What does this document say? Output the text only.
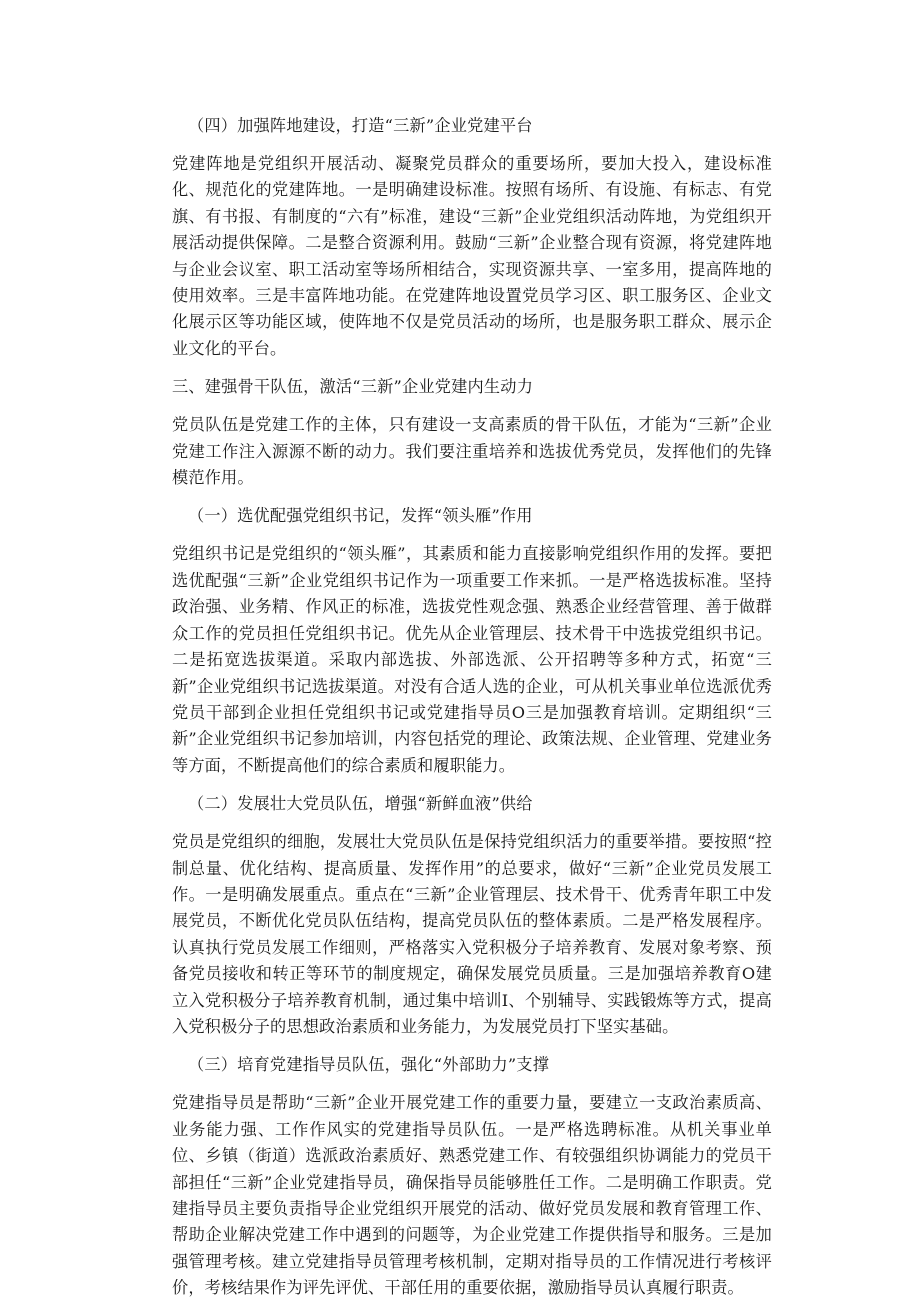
（四）加强阵地建设，打造“三新”企业党建平台

党建阵地是党组织开展活动、凝聚党员群众的重要场所，要加大投入，建设标准化、规范化的党建阵地。一是明确建设标准。按照有场所、有设施、有标志、有党旗、有书报、有制度的“六有”标准，建设“三新”企业党组织活动阵地，为党组织开展活动提供保障。二是整合资源利用。鼓励“三新”企业整合现有资源，将党建阵地与企业会议室、职工活动室等场所相结合，实现资源共享、一室多用，提高阵地的使用效率。三是丰富阵地功能。在党建阵地设置党员学习区、职工服务区、企业文化展示区等功能区域，使阵地不仅是党员活动的场所，也是服务职工群众、展示企业文化的平台。

三、建强骨干队伍，激活“三新”企业党建内生动力

党员队伍是党建工作的主体，只有建设一支高素质的骨干队伍，才能为“三新”企业党建工作注入源源不断的动力。我们要注重培养和选拔优秀党员，发挥他们的先锋模范作用。

（一）选优配强党组织书记，发挥“领头雁”作用

党组织书记是党组织的“领头雁”，其素质和能力直接影响党组织作用的发挥。要把选优配强“三新”企业党组织书记作为一项重要工作来抓。一是严格选拔标准。坚持政治强、业务精、作风正的标准，选拔党性观念强、熟悉企业经营管理、善于做群众工作的党员担任党组织书记。优先从企业管理层、技术骨干中选拔党组织书记。二是拓宽选拔渠道。采取内部选拔、外部选派、公开招聘等多种方式，拓宽“三新”企业党组织书记选拔渠道。对没有合适人选的企业，可从机关事业单位选派优秀党员干部到企业担任党组织书记或党建指导员O三是加强教育培训。定期组织“三新”企业党组织书记参加培训，内容包括党的理论、政策法规、企业管理、党建业务等方面，不断提高他们的综合素质和履职能力。

（二）发展壮大党员队伍，增强“新鲜血液”供给

党员是党组织的细胞，发展壮大党员队伍是保持党组织活力的重要举措。要按照“控制总量、优化结构、提高质量、发挥作用”的总要求，做好“三新”企业党员发展工作。一是明确发展重点。重点在“三新”企业管理层、技术骨干、优秀青年职工中发展党员，不断优化党员队伍结构，提高党员队伍的整体素质。二是严格发展程序。认真执行党员发展工作细则，严格落实入党积极分子培养教育、发展对象考察、预备党员接收和转正等环节的制度规定，确保发展党员质量。三是加强培养教育O建立入党积极分子培养教育机制，通过集中培训I、个别辅导、实践锻炼等方式，提高入党积极分子的思想政治素质和业务能力，为发展党员打下坚实基础。

（三）培育党建指导员队伍，强化“外部助力”支撑

党建指导员是帮助“三新”企业开展党建工作的重要力量，要建立一支政治素质高、业务能力强、工作作风实的党建指导员队伍。一是严格选聘标准。从机关事业单位、乡镇（街道）选派政治素质好、熟悉党建工作、有较强组织协调能力的党员干部担任“三新”企业党建指导员，确保指导员能够胜任工作。二是明确工作职责。党建指导员主要负责指导企业党组织开展党的活动、做好党员发展和教育管理工作、帮助企业解决党建工作中遇到的问题等，为企业党建工作提供指导和服务。三是加强管理考核。建立党建指导员管理考核机制，定期对指导员的工作情况进行考核评价，考核结果作为评先评优、干部任用的重要依据，激励指导员认真履行职责。
